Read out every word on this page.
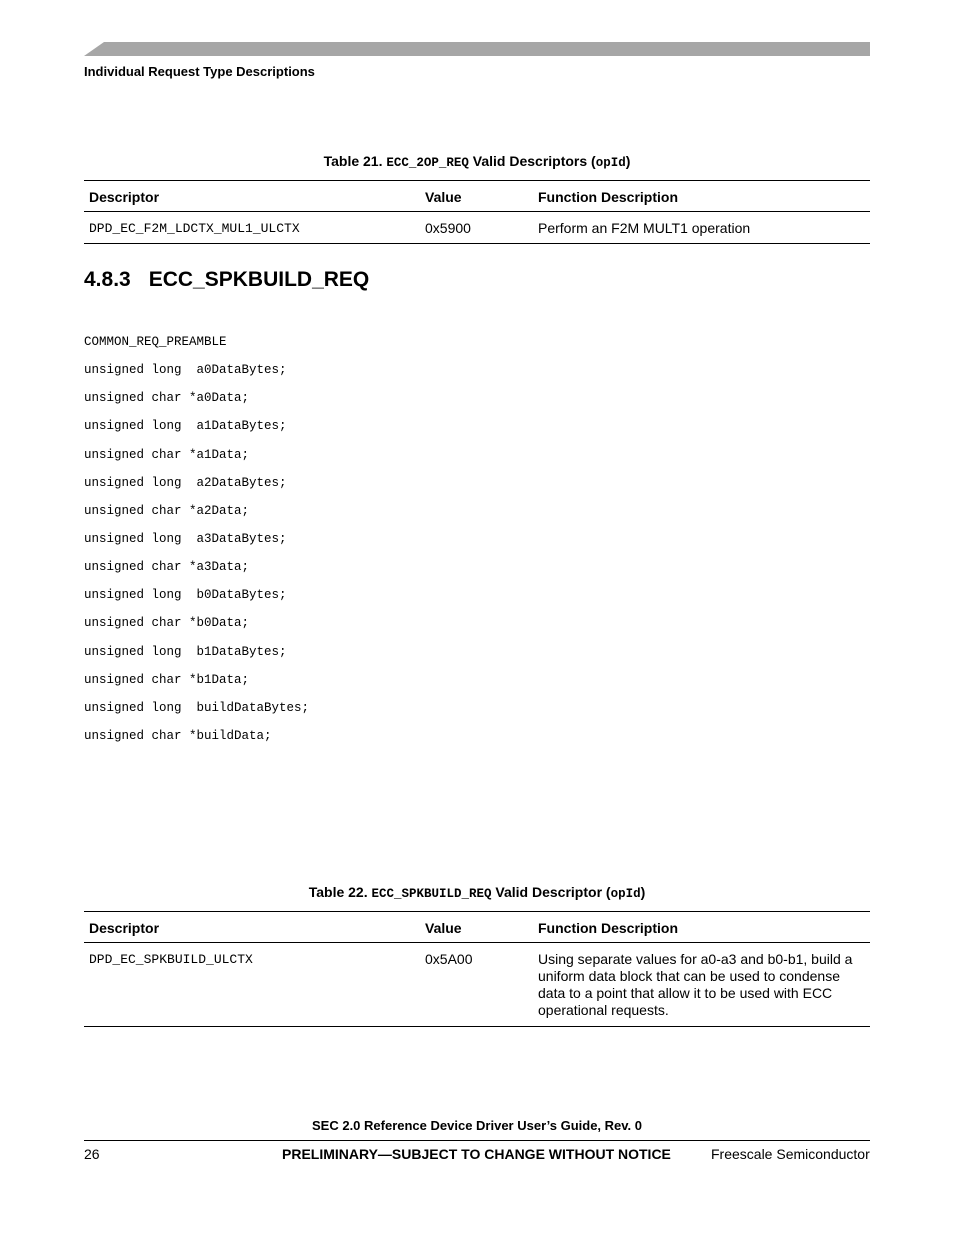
Individual Request Type Descriptions
Table 21. ECC_2OP_REQ Valid Descriptors (opId)
Descriptor	Value	Function Description
DPD_EC_F2M_LDCTX_MUL1_ULCTX	0x5900	Perform an F2M MULT1 operation
4.8.3 ECC_SPKBUILD_REQ
COMMON_REQ_PREAMBLE
unsigned long  a0DataBytes;
unsigned char *a0Data;
unsigned long  a1DataBytes;
unsigned char *a1Data;
unsigned long  a2DataBytes;
unsigned char *a2Data;
unsigned long  a3DataBytes;
unsigned char *a3Data;
unsigned long  b0DataBytes;
unsigned char *b0Data;
unsigned long  b1DataBytes;
unsigned char *b1Data;
unsigned long  buildDataBytes;
unsigned char *buildData;
Table 22. ECC_SPKBUILD_REQ Valid Descriptor (opId)
Descriptor	Value	Function Description
DPD_EC_SPKBUILD_ULCTX	0x5A00	Using separate values for a0-a3 and b0-b1, build a uniform data block that can be used to condense data to a point that allow it to be used with ECC operational requests.
SEC 2.0 Reference Device Driver User’s Guide, Rev. 0
26	PRELIMINARY—SUBJECT TO CHANGE WITHOUT NOTICE	Freescale Semiconductor
